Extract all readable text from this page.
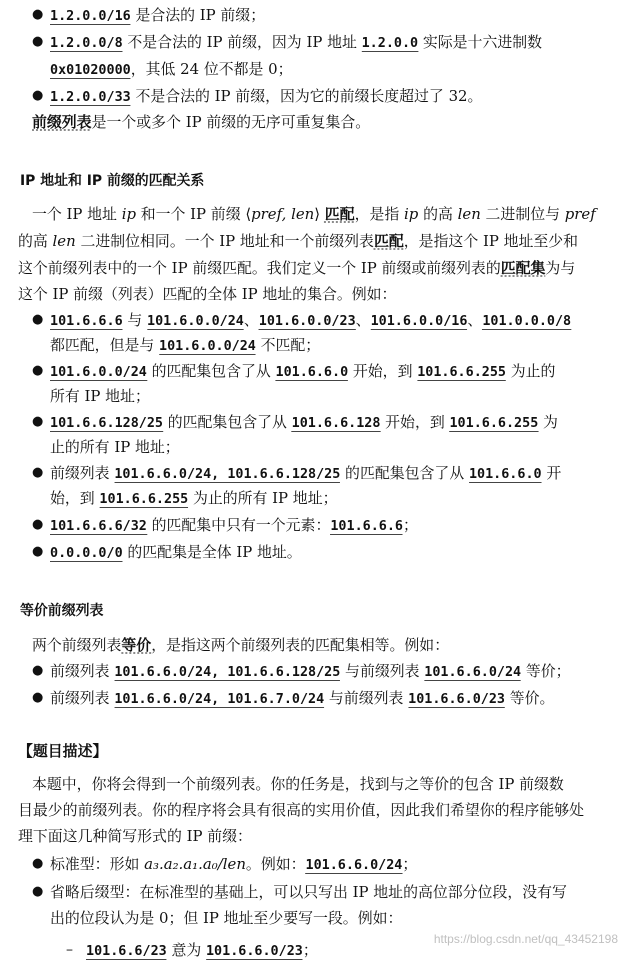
● 1.2.0.0/16 是合法的 IP 前缀；
● 1.2.0.0/8 不是合法的 IP 前缀，因为 IP 地址 1.2.0.0 实际是十六进制数
0x01020000，其低 24 位不都是 0；
● 1.2.0.0/33 不是合法的 IP 前缀，因为它的前缀长度超过了 32。
前缀列表是一个或多个 IP 前缀的无序可重复集合。
IP 地址和 IP 前缀的匹配关系
一个 IP 地址 ip 和一个 IP 前缀 ⟨pref, len⟩ 匹配，是指 ip 的高 len 二进制位与 pref
的高 len 二进制位相同。一个 IP 地址和一个前缀列表匹配，是指这个 IP 地址至少和
这个前缀列表中的一个 IP 前缀匹配。我们定义一个 IP 前缀或前缀列表的匹配集为与
这个 IP 前缀（列表）匹配的全体 IP 地址的集合。例如：
● 101.6.6.6 与 101.6.0.0/24、101.6.0.0/23、101.6.0.0/16、101.0.0.0/8
都匹配，但是与 101.6.0.0/24 不匹配；
● 101.6.0.0/24 的匹配集包含了从 101.6.6.0 开始，到 101.6.6.255 为止的
所有 IP 地址；
● 101.6.6.128/25 的匹配集包含了从 101.6.6.128 开始，到 101.6.6.255 为
止的所有 IP 地址；
● 前缀列表 101.6.6.0/24, 101.6.6.128/25 的匹配集包含了从 101.6.6.0 开
始，到 101.6.6.255 为止的所有 IP 地址；
● 101.6.6.6/32 的匹配集中只有一个元素：101.6.6.6；
● 0.0.0.0/0 的匹配集是全体 IP 地址。
等价前缀列表
两个前缀列表等价，是指这两个前缀列表的匹配集相等。例如：
● 前缀列表 101.6.6.0/24, 101.6.6.128/25 与前缀列表 101.6.6.0/24 等价；
● 前缀列表 101.6.6.0/24, 101.6.7.0/24 与前缀列表 101.6.6.0/23 等价。
【题目描述】
本题中，你将会得到一个前缀列表。你的任务是，找到与之等价的包含 IP 前缀数
目最少的前缀列表。你的程序将会具有很高的实用价值，因此我们希望你的程序能够处
理下面这几种简写形式的 IP 前缀：
● 标准型：形如 a₃.a₂.a₁.a₀/len。例如：101.6.6.0/24；
● 省略后缀型：在标准型的基础上，可以只写出 IP 地址的高位部分位段，没有写
出的位段认为是 0；但 IP 地址至少要写一段。例如：
– 101.6.6/23 意为 101.6.6.0/23；
https://blog.csdn.net/qq_43452198
